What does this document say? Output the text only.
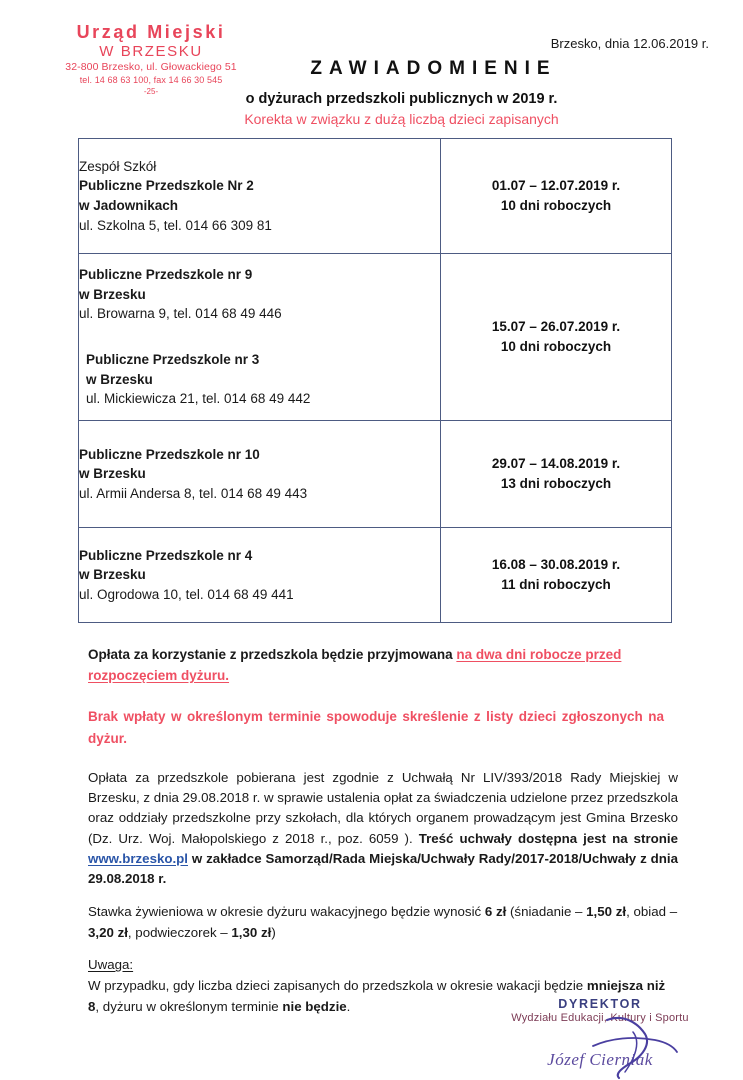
Urząd Miejski
W BRZESKU
32-800 Brzesko, ul. Głowackiego 51
tel. 14 68 63 100, fax 14 66 30 545
-25-
Brzesko, dnia 12.06.2019 r.
ZAWIADOMIENIE
o dyżurach przedszkoli publicznych w 2019 r.
Korekta w związku z dużą liczbą dzieci zapisanych
Zespół Szkół
Publiczne Przedszkole Nr 2
w Jadownikach
ul. Szkolna 5, tel. 014 66 309 81

01.07 – 12.07.2019 r.
10 dni roboczych

Publiczne Przedszkole nr 9
w Brzesku
ul. Browarna 9, tel. 014 68 49 446
Publiczne Przedszkole nr 3
w Brzesku
ul. Mickiewicza 21, tel. 014 68 49 442

15.07 – 26.07.2019 r.
10 dni roboczych

Publiczne Przedszkole nr 10
w Brzesku
ul. Armii Andersa 8, tel. 014 68 49 443

29.07 – 14.08.2019 r.
13 dni roboczych

Publiczne Przedszkole nr 4
w Brzesku
ul. Ogrodowa 10, tel. 014 68 49 441

16.08 – 30.08.2019 r.
11 dni roboczych

Opłata za korzystanie z przedszkola będzie przyjmowana na dwa dni robocze przed rozpoczęciem dyżuru.

Brak wpłaty w określonym terminie spowoduje skreślenie z listy dzieci zgłoszonych na dyżur.

Opłata za przedszkole pobierana jest zgodnie z Uchwałą Nr LIV/393/2018 Rady Miejskiej w Brzesku, z dnia 29.08.2018 r. w sprawie ustalenia opłat za świadczenia udzielone przez przedszkola oraz oddziały przedszkolne przy szkołach, dla których organem prowadzącym jest Gmina Brzesko (Dz. Urz. Woj. Małopolskiego z 2018 r., poz. 6059 ). Treść uchwały dostępna jest na stronie www.brzesko.pl w zakładce Samorząd/Rada Miejska/Uchwały Rady/2017-2018/Uchwały z dnia 29.08.2018 r.

Stawka żywieniowa w okresie dyżuru wakacyjnego będzie wynosić 6 zł (śniadanie – 1,50 zł, obiad – 3,20 zł, podwieczorek – 1,30 zł)

Uwaga:

W przypadku, gdy liczba dzieci zapisanych do przedszkola w okresie wakacji będzie mniejsza niż 8, dyżuru w określonym terminie nie będzie.	DYREKTOR
Wydziału Edukacji, Kultury i Sportu
Józef Cierniak
